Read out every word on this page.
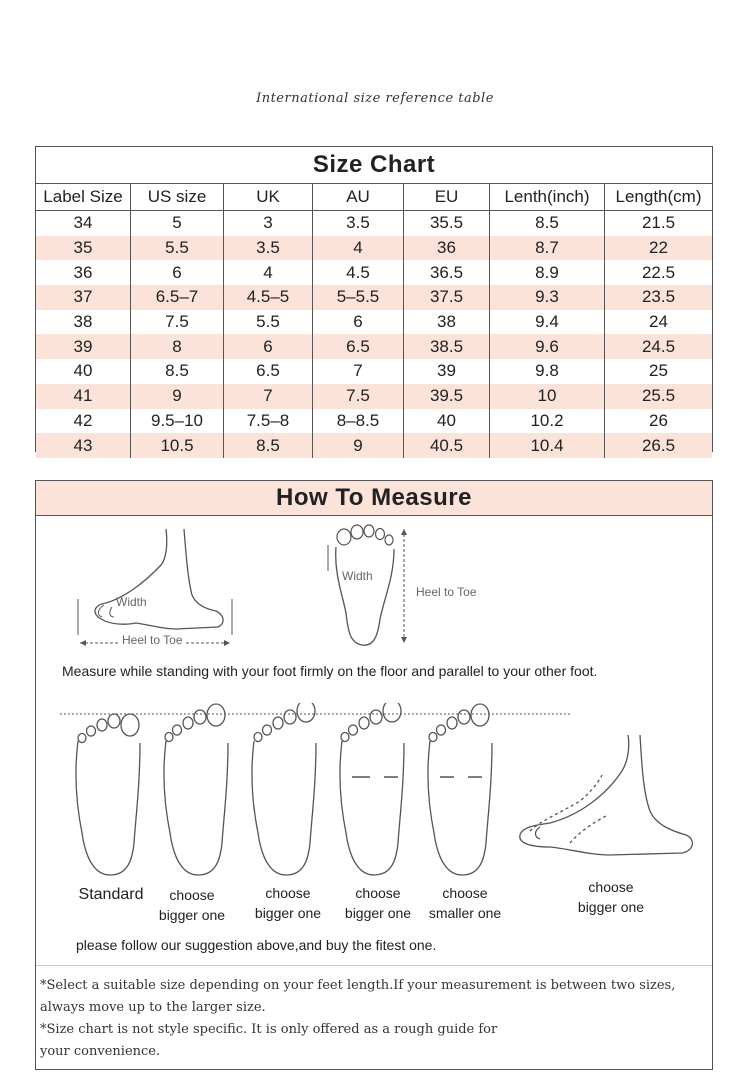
International size reference table
Size Chart
Label Size	US size	UK	AU	EU	Lenth(inch)	Length(cm)
34	5	3	3.5	35.5	8.5	21.5
35	5.5	3.5	4	36	8.7	22
36	6	4	4.5	36.5	8.9	22.5
37	6.5–7	4.5–5	5–5.5	37.5	9.3	23.5
38	7.5	5.5	6	38	9.4	24
39	8	6	6.5	38.5	9.6	24.5
40	8.5	6.5	7	39	9.8	25
41	9	7	7.5	39.5	10	25.5
42	9.5–10	7.5–8	8–8.5	40	10.2	26
43	10.5	8.5	9	40.5	10.4	26.5
How To Measure
Width
Heel to Toe
Width
Heel to Toe
Measure while standing with your foot firmly on the floor and parallel to your other foot.
Standard	choose
bigger one
choose
bigger one
choose
bigger one
choose
smaller one
choose
bigger one
please follow our suggestion above,and buy the fitest one.
*Select a suitable size depending on your feet length.If your measurement is between two sizes,
always move up to the larger size.
*Size chart is not style specific. It is only offered as a rough guide for
your convenience.
